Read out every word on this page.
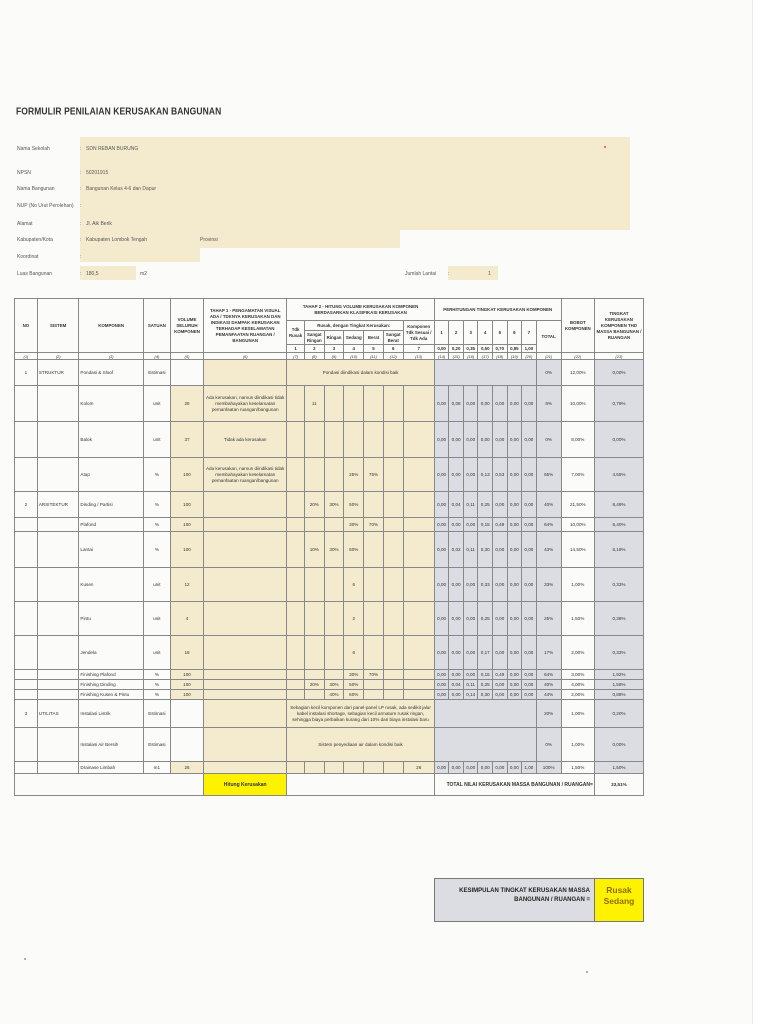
FORMULIR PENILAIAN KERUSAKAN BANGUNAN
Nama Sekolah	: SDN REBAN BURUNG
NPSN	: 50201915
Nama Bangunan	: Bangunan Kelas 4-6 dan Dapur
NUP (No Urut Perolehan)	:
Alamat	: Jl. Aik Berik
Kabupaten/Kota	: Kabupaten Lombok Tengah	Provinsi
Koordinat	:
Luas Bangunan	: 180,5	m2	Jumlah Lantai :	1
NO	SISTEM	KOMPONEN	SATUAN	VOLUME SELURUH KOMPONEN	TAHAP 1 - PENGAMATAN VISUAL ADA / TDKNYA KERUSAKAN DAN INDIKASI DAMPAK KERUSAKAN TERHADAP KESELAMATAN PEMANFAATAN RUANGAN / BANGUNAN	TAHAP 2 - HITUNG VOLUME KERUSAKAN KOMPONEN BERDASARKAN KLASIFIKASI KERUSAKAN							PERHITUNGAN TINGKAT KERUSAKAN KOMPONEN								BOBOT KOMPONEN	TINGKAT KERUSAKAN KOMPONEN THD MASSA BANGUNAN / RUANGAN
						Tdk Rusak	Rusak, dengan Tingkat Kerusakan:					Komponen Tdk Sesuai / Tdk Ada	1	2	3	4	5	6	7	TOTAL		
							Sangat Ringan	Ringan	Sedang	Berat	Sangat Berat											
						1	2	3	4	5	6	7	0,00	0,20	0,35	0,50	0,70	0,85	1,00			
(1)	(2)	(3)	(4)	(5)	(6)	(7)	(8)	(9)	(10)	(11)	(12)	(13)	(14)	(15)	(16)	(17)	(18)	(19)	(20)	(21)	(22)	(23)
1	STRUKTUR	Pondasi & Sloof	Estimasi			Pondasi diindikasi dalam kondisi baik														0%	12,00%	0,00%
		Kolom	unit	28	Ada kerusakan, namun diindikasi tidak membahayakan keselamatan pemanfaatan ruangan/bangunan		11						0,00	0,08	0,00	0,00	0,00	0,00	0,00	8%	10,00%	0,79%
		Balok	unit	37	Tidak ada kerusakan								0,00	0,00	0,00	0,00	0,00	0,00	0,00	0%	8,00%	0,00%
		Atap	%	100	Ada kerusakan, namun diindikasi tidak membahayakan keselamatan pemanfaatan ruangan/bangunan				25%	75%			0,00	0,00	0,00	0,13	0,53	0,00	0,00	65%	7,00%	4,55%
2	ARSITEKTUR	Dinding / Partisi	%	100			20%	30%	50%				0,00	0,04	0,11	0,25	0,00	0,00	0,00	40%	21,50%	8,49%
		Plafond	%	100					30%	70%			0,00	0,00	0,00	0,15	0,49	0,00	0,00	64%	10,00%	6,40%
		Lantai	%	100			10%	30%	60%				0,00	0,02	0,11	0,30	0,00	0,00	0,00	43%	14,50%	6,18%
		Kusen	unit	12					6				0,00	0,00	0,00	0,33	0,00	0,00	0,00	33%	1,00%	0,33%
		Pintu	unit	4					2				0,00	0,00	0,00	0,25	0,00	0,00	0,00	25%	1,50%	0,38%
		Jendela	unit	18					6				0,00	0,00	0,00	0,17	0,00	0,00	0,00	17%	2,00%	0,33%
		Finishing Plafond	%	100					30%	70%			0,00	0,00	0,00	0,15	0,49	0,00	0,00	64%	3,00%	1,92%
		Finishing Dinding	%	100			20%	30%	50%				0,00	0,04	0,11	0,25	0,00	0,00	0,00	40%	4,00%	1,58%
		Finishing Kusen & Pintu	%	100				40%	60%				0,00	0,00	0,14	0,30	0,00	0,00	0,00	44%	2,00%	0,88%
3	UTILITAS	Instalasi Listrik	Estimasi			Sebagian kecil komponen dari panel-panel LP rusak, ada sedikit jalur kabel instalasi shortage, sebagian kecil armature rusak ringan, sehingga biaya perbaikan kurang dari 10% dari biaya instalasi baru														20%	1,00%	0,20%
		Instalasi Air Bersih	Estimasi			Sistem penyediaan air dalam kondisi baik														0%	1,00%	0,00%
		Drainase Limbah	m1	26								26	0,00	0,00	0,00	0,00	0,00	0,00	1,00	100%	1,50%	1,50%
					Hitung Kerusakan								TOTAL NILAI KERUSAKAN MASSA BANGUNAN / RUANGAN=									33,51%
KESIMPULAN TINGKAT KERUSAKAN MASSA BANGUNAN / RUANGAN =
Rusak Sedang
